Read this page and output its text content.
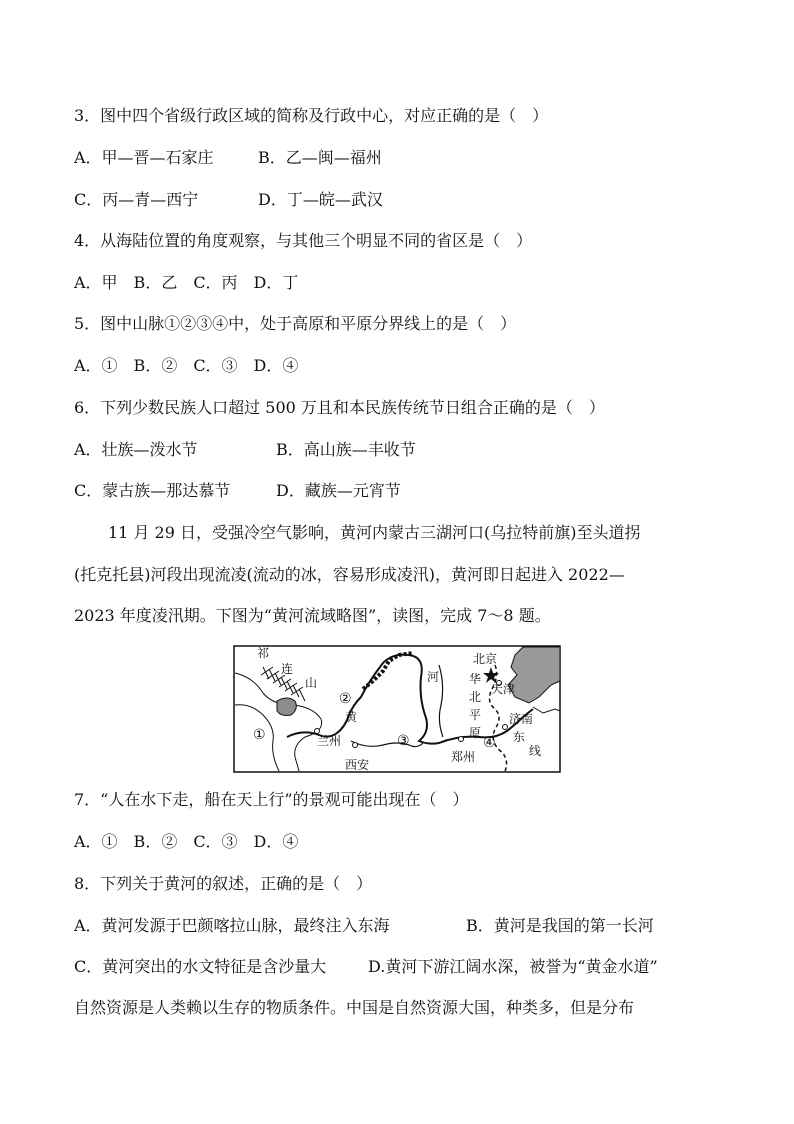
3．图中四个省级行政区域的简称及行政中心，对应正确的是（　）
A．甲—晋—石家庄	B．乙—闽—福州
C．丙—青—西宁	D．丁—皖—武汉
4．从海陆位置的角度观察，与其他三个明显不同的省区是（　）
A．甲　B．乙　C．丙　D．丁
5．图中山脉①②③④中，处于高原和平原分界线上的是（　）
A．①　B．②　C．③　D．④
6．下列少数民族人口超过 500 万且和本民族传统节日组合正确的是（　）
A．壮族—泼水节	B．高山族—丰收节
C．蒙古族—那达慕节	D．藏族—元宵节
11 月 29 日，受强冷空气影响，黄河内蒙古三湖河口(乌拉特前旗)至头道拐
(托克托县)河段出现流凌(流动的冰，容易形成凌汛)，黄河即日起进入 2022—
2023 年度凌汛期。下图为“黄河流域略图”，读图，完成 7～8 题。
祁
连
山
黄
河
兰州
西安
郑州
北京
天津
华
北
平
原
济南
东
线
①
②
③	④
7．“人在水下走，船在天上行”的景观可能出现在（　）
A．①　B．②　C．③　D．④
8．下列关于黄河的叙述，正确的是（　）
A．黄河发源于巴颜喀拉山脉，最终注入东海	B．黄河是我国的第一长河
C．黄河突出的水文特征是含沙量大	D.黄河下游江阔水深，被誉为“黄金水道”
自然资源是人类赖以生存的物质条件。中国是自然资源大国，种类多，但是分布
